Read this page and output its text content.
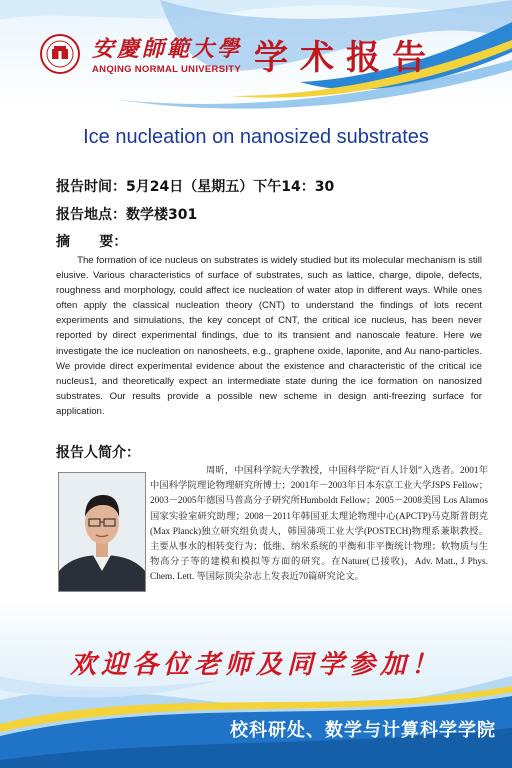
安慶師範大學
ANQING NORMAL UNIVERSITY 学术报告
Ice nucleation on nanosized substrates
报告时间：5月24日（星期五）下午14：30
报告地点：数学楼301
摘      要：

The formation of ice nucleus on substrates is widely studied but its molecular mechanism is still elusive. Various characteristics of surface of substrates, such as lattice, charge, dipole, defects, roughness and morphology, could affect ice nucleation of water atop in different ways. While ones often apply the classical nucleation theory (CNT) to understand the findings of lots recent experiments and simulations, the key concept of CNT, the critical ice nucleus, has been never reported by direct experimental findings, due to its transient and nanoscale feature. Here we investigate the ice nucleation on nanosheets, e.g., graphene oxide, laponite, and Au nano-particles. We provide direct experimental evidence about the existence and characteristic of the critical ice nucleus1, and theoretically expect an intermediate state during the ice formation on nanosized substrates. Our results provide a possible new scheme in design anti-freezing surface for application.

报告人简介：
周昕，中国科学院大学教授，中国科学院“百人计划”入选者。2001年中国科学院理论物理研究所博士；2001年－2003年日本东京工业大学JSPS Fellow；2003－2005年德国马普高分子研究所Humboldt Fellow；2005－2008美国 Los Alamos国家实验室研究助理；2008－2011年韩国亚太理论物理中心(APCTP)马克斯普朗克(Max Planck)独立研究组负责人，韩国蒲项工业大学(POSTECH)物理系兼职教授。主要从事水的相转变行为；低维、纳米系统的平衡和非平衡统计物理；软物质与生物高分子等的建模和模拟等方面的研究。在Nature(已接收)，Adv. Matt., J Phys. Chem. Lett. 等国际顶尖杂志上发表近70篇研究论文。
欢迎各位老师及同学参加！
校科研处、数学与计算科学学院
